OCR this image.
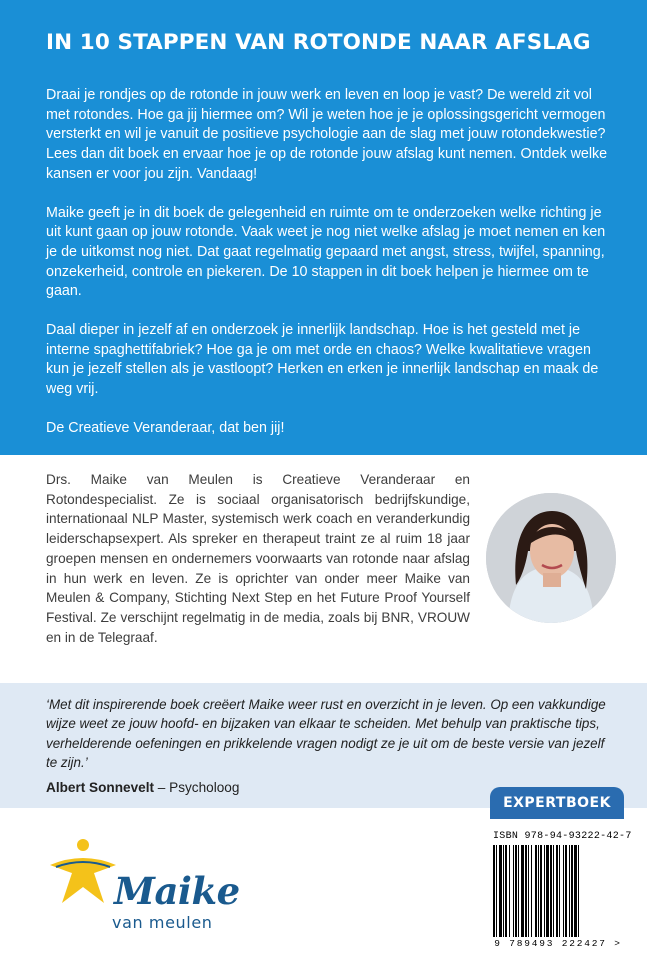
IN 10 STAPPEN VAN ROTONDE NAAR AFSLAG

Draai je rondjes op de rotonde in jouw werk en leven en loop je vast? De wereld zit vol met rotondes. Hoe ga jij hiermee om? Wil je weten hoe je je oplossingsgericht vermogen versterkt en wil je vanuit de positieve psychologie aan de slag met jouw rotondekwestie? Lees dan dit boek en ervaar hoe je op de rotonde jouw afslag kunt nemen. Ontdek welke kansen er voor jou zijn. Vandaag!

Maike geeft je in dit boek de gelegenheid en ruimte om te onderzoeken welke richting je uit kunt gaan op jouw rotonde. Vaak weet je nog niet welke afslag je moet nemen en ken je de uitkomst nog niet. Dat gaat regelmatig gepaard met angst, stress, twijfel, spanning, onzekerheid, controle en piekeren. De 10 stappen in dit boek helpen je hiermee om te gaan.

Daal dieper in jezelf af en onderzoek je innerlijk landschap. Hoe is het gesteld met je interne spaghettifabriek? Hoe ga je om met orde en chaos? Welke kwalitatieve vragen kun je jezelf stellen als je vastloopt? Herken en erken je innerlijk landschap en maak de weg vrij.

De Creatieve Veranderaar, dat ben jij!

Drs. Maike van Meulen is Creatieve Veranderaar en Rotondespecialist. Ze is sociaal organisatorisch bedrijfskundige, internationaal NLP Master, systemisch werk coach en veranderkundig leiderschapsexpert. Als spreker en therapeut traint ze al ruim 18 jaar groepen mensen en ondernemers voorwaarts van rotonde naar afslag in hun werk en leven. Ze is oprichter van onder meer Maike van Meulen & Company, Stichting Next Step en het Future Proof Yourself Festival. Ze verschijnt regelmatig in de media, zoals bij BNR, VROUW en in de Telegraaf.

‘Met dit inspirerende boek creëert Maike weer rust en overzicht in je leven. Op een vakkundige wijze weet ze jouw hoofd- en bijzaken van elkaar te scheiden. Met behulp van praktische tips, verhelderende oefeningen en prikkelende vragen nodigt ze je uit om de beste versie van jezelf te zijn.’

Albert Sonnevelt – Psycholoog
EXPERTBOEK
ISBN 978-94-93222-42-7
9 789493 222427 >
Maike
van meulen
